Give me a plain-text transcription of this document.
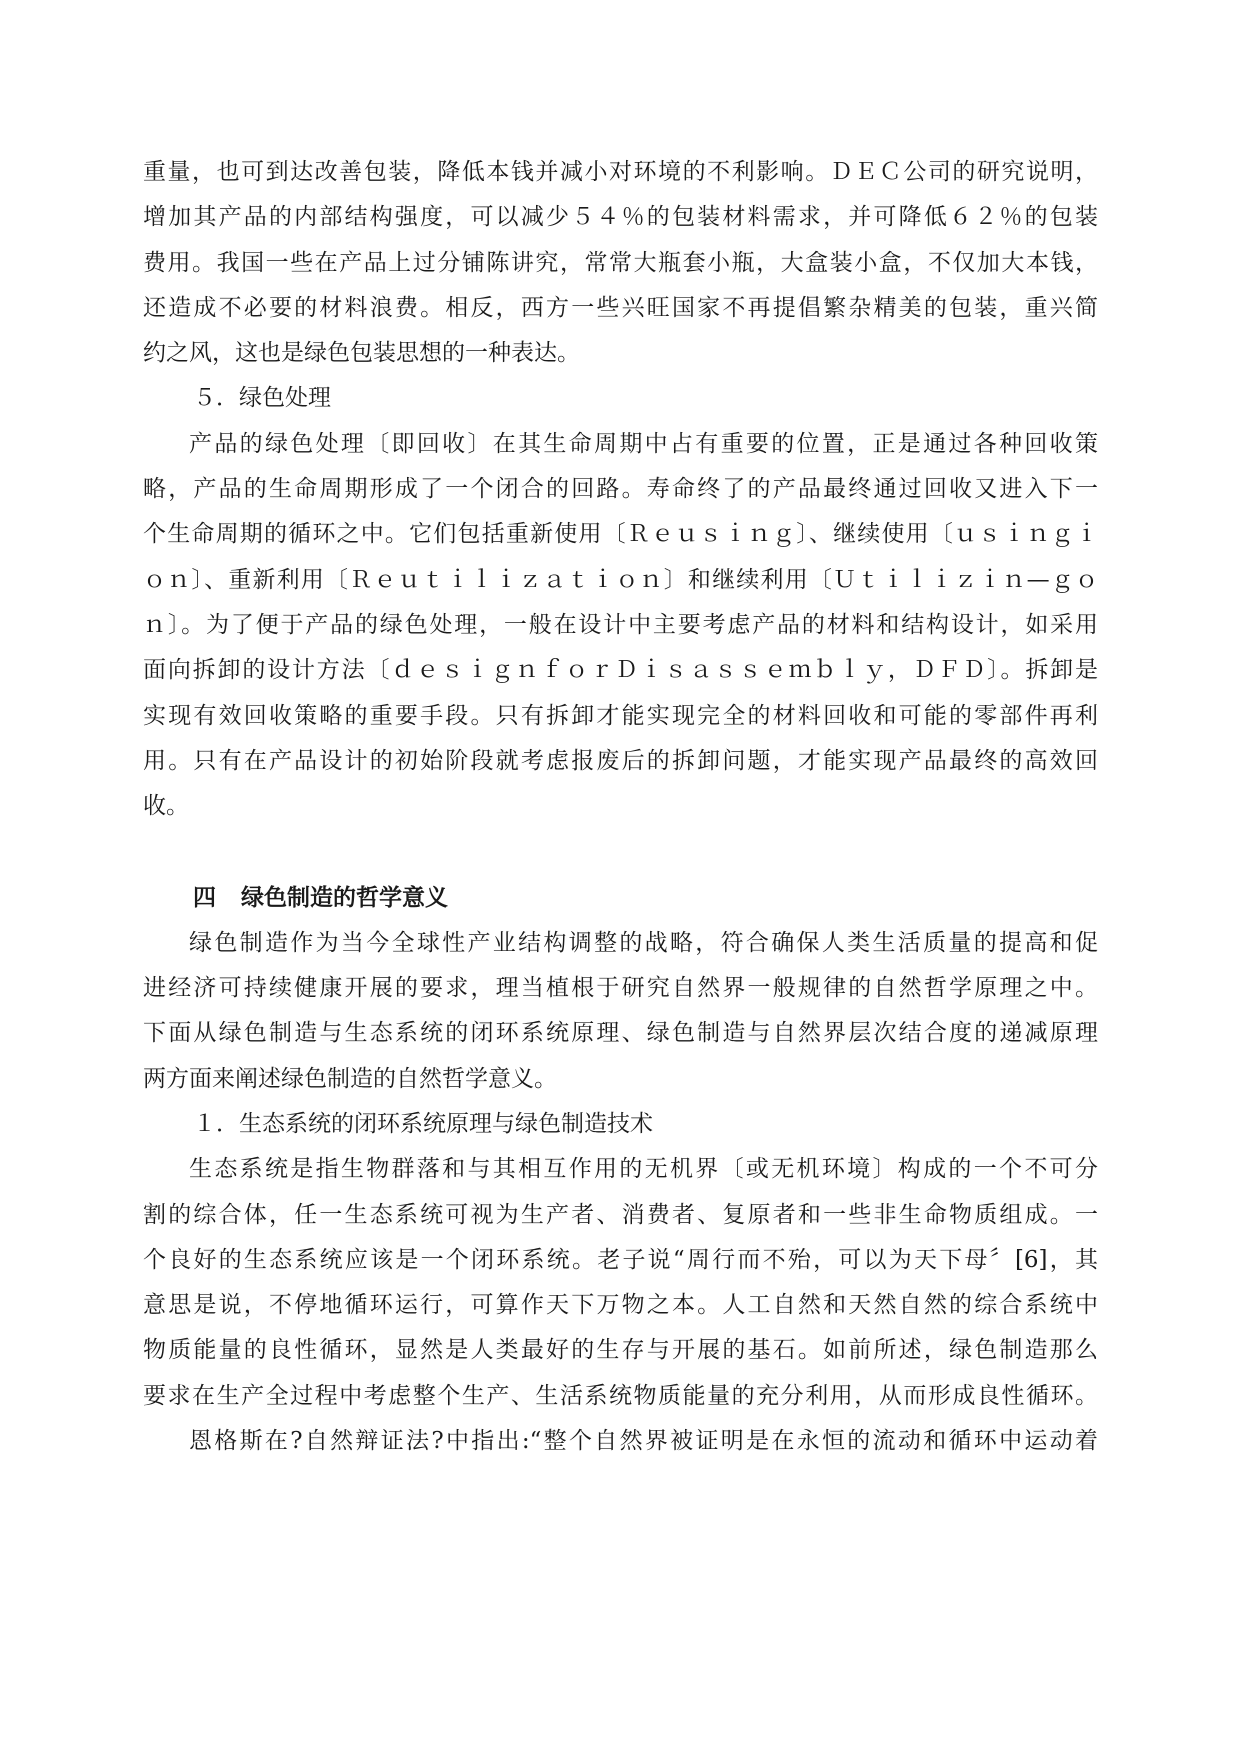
重量，也可到达改善包装，降低本钱并减小对环境的不利影响。ＤＥＣ公司的研究说明，
增加其产品的内部结构强度，可以减少５４％的包装材料需求，并可降低６２％的包装
费用。我国一些在产品上过分铺陈讲究，常常大瓶套小瓶，大盒装小盒，不仅加大本钱，
还造成不必要的材料浪费。相反，西方一些兴旺国家不再提倡繁杂精美的包装，重兴简
约之风，这也是绿色包装思想的一种表达。
５．绿色处理
产品的绿色处理〔即回收〕在其生命周期中占有重要的位置，正是通过各种回收策
略，产品的生命周期形成了一个闭合的回路。寿命终了的产品最终通过回收又进入下一
个生命周期的循环之中。它们包括重新使用〔Ｒｅｕｓｉｎｇ〕、继续使用〔ｕｓｉｎｇｉ
ｏｎ〕、重新利用〔Ｒｅｕｔｉｌｉｚａｔｉｏｎ〕和继续利用〔Ｕｔｉｌｉｚｉｎ—ｇｏ
ｎ〕。为了便于产品的绿色处理，一般在设计中主要考虑产品的材料和结构设计，如采用
面向拆卸的设计方法〔ｄｅｓｉｇｎｆｏｒＤｉｓａｓｓｅｍｂｌｙ，ＤＦＤ〕。拆卸是
实现有效回收策略的重要手段。只有拆卸才能实现完全的材料回收和可能的零部件再利
用。只有在产品设计的初始阶段就考虑报废后的拆卸问题，才能实现产品最终的高效回
收。
四 绿色制造的哲学意义
绿色制造作为当今全球性产业结构调整的战略，符合确保人类生活质量的提高和促
进经济可持续健康开展的要求，理当植根于研究自然界一般规律的自然哲学原理之中。
下面从绿色制造与生态系统的闭环系统原理、绿色制造与自然界层次结合度的递减原理
两方面来阐述绿色制造的自然哲学意义。
１．生态系统的闭环系统原理与绿色制造技术
生态系统是指生物群落和与其相互作用的无机界〔或无机环境〕构成的一个不可分
割的综合体，任一生态系统可视为生产者、消费者、复原者和一些非生命物质组成。一
个良好的生态系统应该是一个闭环系统。老子说“周行而不殆，可以为天下母〞[6]，其
意思是说，不停地循环运行，可算作天下万物之本。人工自然和天然自然的综合系统中
物质能量的良性循环，显然是人类最好的生存与开展的基石。如前所述，绿色制造那么
要求在生产全过程中考虑整个生产、生活系统物质能量的充分利用，从而形成良性循环。
恩格斯在?自然辩证法?中指出:“整个自然界被证明是在永恒的流动和循环中运动着
